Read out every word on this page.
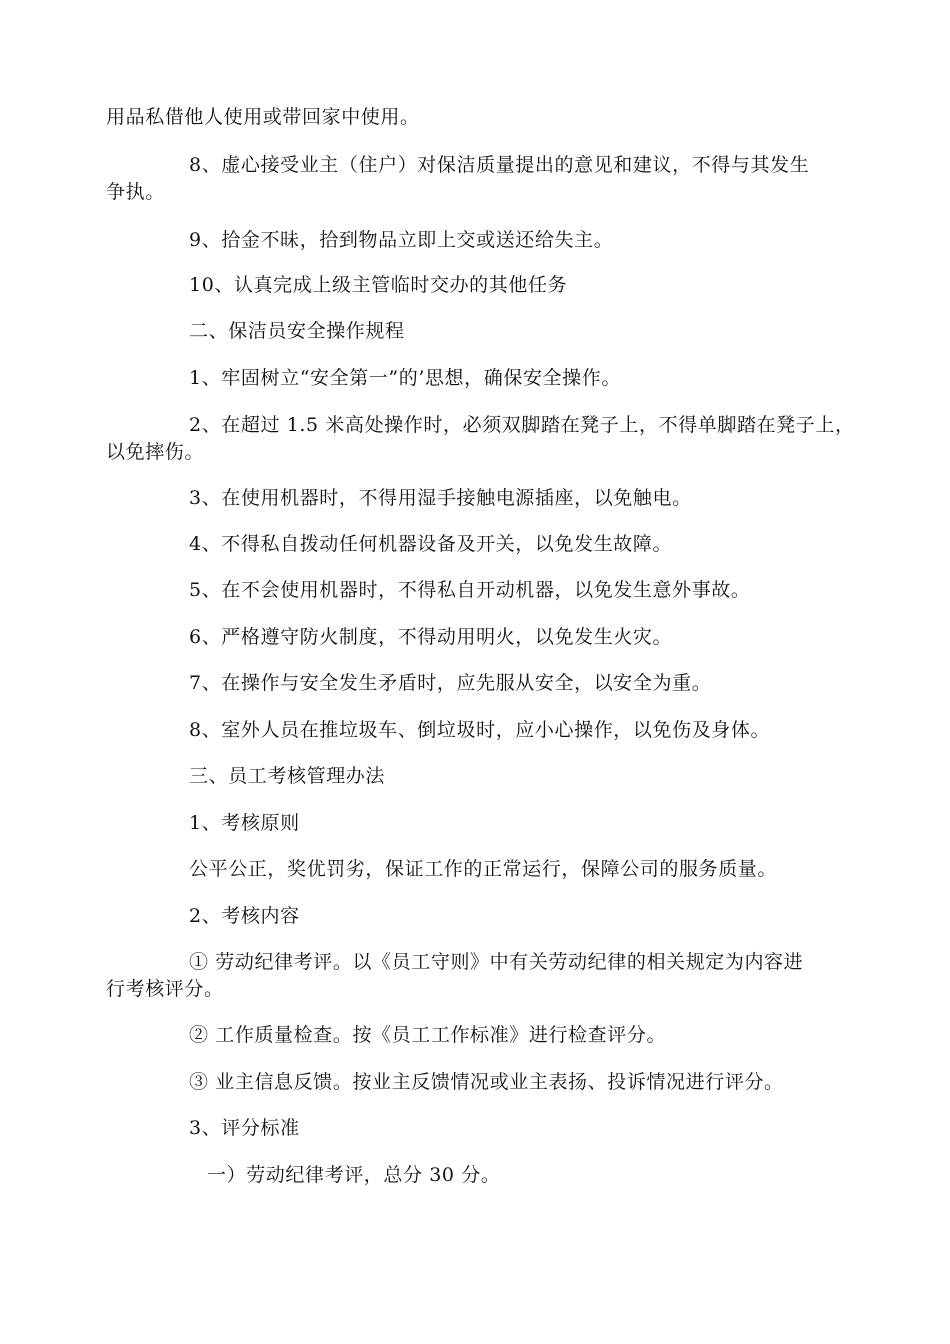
用品私借他人使用或带回家中使用。
8、虚心接受业主（住户）对保洁质量提出的意见和建议，不得与其发生
争执。
9、拾金不昧，拾到物品立即上交或送还给失主。
10、认真完成上级主管临时交办的其他任务
二、保洁员安全操作规程
1、牢固树立“安全第一”的’思想，确保安全操作。
2、在超过 1.5 米高处操作时，必须双脚踏在凳子上，不得单脚踏在凳子上，
以免摔伤。
3、在使用机器时，不得用湿手接触电源插座，以免触电。
4、不得私自拨动任何机器设备及开关，以免发生故障。
5、在不会使用机器时，不得私自开动机器，以免发生意外事故。
6、严格遵守防火制度，不得动用明火，以免发生火灾。
7、在操作与安全发生矛盾时，应先服从安全，以安全为重。
8、室外人员在推垃圾车、倒垃圾时，应小心操作，以免伤及身体。
三、员工考核管理办法
1、考核原则
公平公正，奖优罚劣，保证工作的正常运行，保障公司的服务质量。
2、考核内容
① 劳动纪律考评。以《员工守则》中有关劳动纪律的相关规定为内容进
行考核评分。
② 工作质量检查。按《员工工作标准》进行检查评分。
③ 业主信息反馈。按业主反馈情况或业主表扬、投诉情况进行评分。
3、评分标准
一）劳动纪律考评，总分 30 分。
